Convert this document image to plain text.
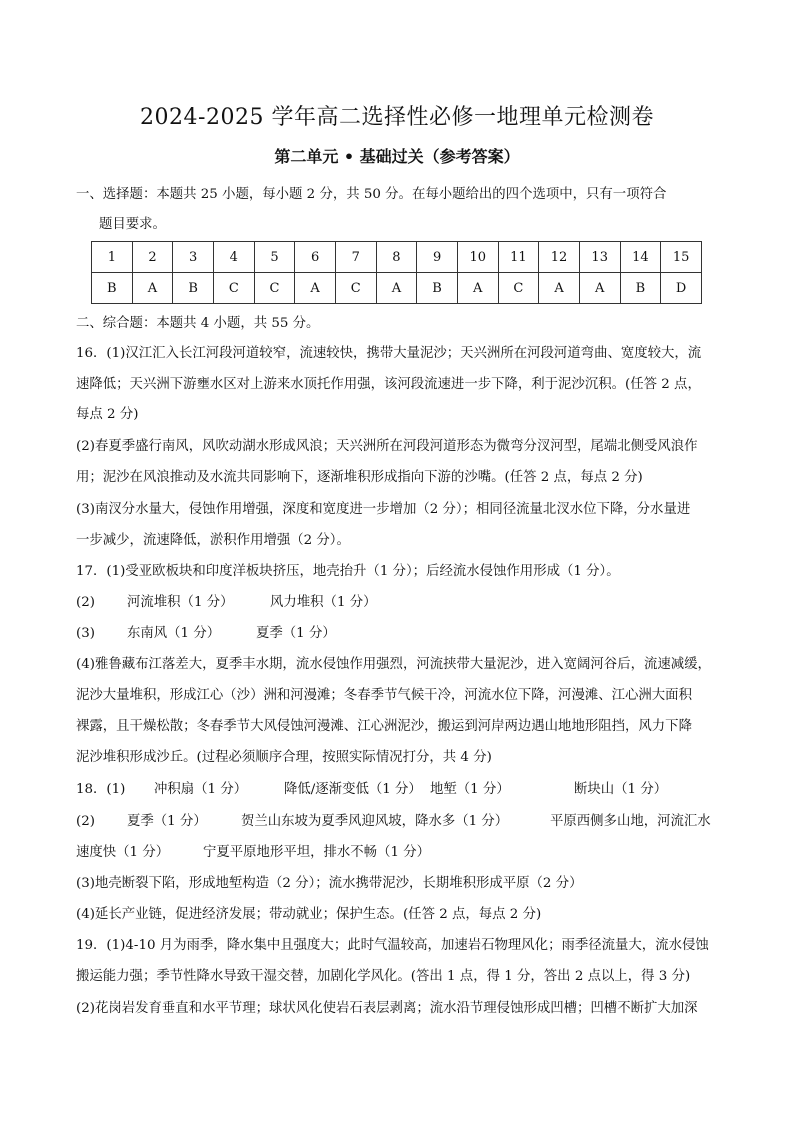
2024-2025 学年高二选择性必修一地理单元检测卷
第二单元 • 基础过关（参考答案）
一、选择题：本题共 25 小题，每小题 2 分，共 50 分。在每小题给出的四个选项中，只有一项符合
题目要求。
1	2	3	4	5	6	7	8	9	10	11	12	13	14	15
B	A	B	C	C	A	C	A	B	A	C	A	A	B	D
二、综合题：本题共 4 小题，共 55 分。
16．(1)汉江汇入长江河段河道较窄，流速较快，携带大量泥沙；天兴洲所在河段河道弯曲、宽度较大，流
速降低；天兴洲下游壅水区对上游来水顶托作用强，该河段流速进一步下降，利于泥沙沉积。(任答 2 点，
每点 2 分)
(2)春夏季盛行南风，风吹动湖水形成风浪；天兴洲所在河段河道形态为微弯分汊河型，尾端北侧受风浪作
用；泥沙在风浪推动及水流共同影响下，逐渐堆积形成指向下游的沙嘴。(任答 2 点，每点 2 分)
(3)南汊分水量大，侵蚀作用增强，深度和宽度进一步增加（2 分）；相同径流量北汊水位下降，分水量进
一步减少，流速降低，淤积作用增强（2 分）。
17．(1)受亚欧板块和印度洋板块挤压，地壳抬升（1 分）；后经流水侵蚀作用形成（1 分）。
(2) 河流堆积（1 分）	风力堆积（1 分）
(3) 东南风（1 分）	夏季（1 分）
(4)雅鲁藏布江落差大，夏季丰水期，流水侵蚀作用强烈，河流挟带大量泥沙，进入宽阔河谷后，流速减缓，
泥沙大量堆积，形成江心（沙）洲和河漫滩；冬春季节气候干冷，河流水位下降，河漫滩、江心洲大面积
裸露，且干燥松散；冬春季节大风侵蚀河漫滩、江心洲泥沙，搬运到河岸两边遇山地地形阻挡，风力下降
泥沙堆积形成沙丘。(过程必须顺序合理，按照实际情况打分，共 4 分)
18．(1) 冲积扇（1 分）	降低/逐渐变低（1 分） 地堑（1 分）	断块山（1 分）
(2) 夏季（1 分）	贺兰山东坡为夏季风迎风坡，降水多（1 分）	平原西侧多山地，河流汇水
速度快（1 分）	宁夏平原地形平坦，排水不畅（1 分）
(3)地壳断裂下陷，形成地堑构造（2 分）；流水携带泥沙，长期堆积形成平原（2 分）
(4)延长产业链，促进经济发展；带动就业；保护生态。(任答 2 点，每点 2 分)
19．(1)4-10 月为雨季，降水集中且强度大；此时气温较高，加速岩石物理风化；雨季径流量大，流水侵蚀
搬运能力强；季节性降水导致干湿交替，加剧化学风化。(答出 1 点，得 1 分，答出 2 点以上，得 3 分)
(2)花岗岩发育垂直和水平节理；球状风化使岩石表层剥离；流水沿节理侵蚀形成凹槽；凹槽不断扩大加深
